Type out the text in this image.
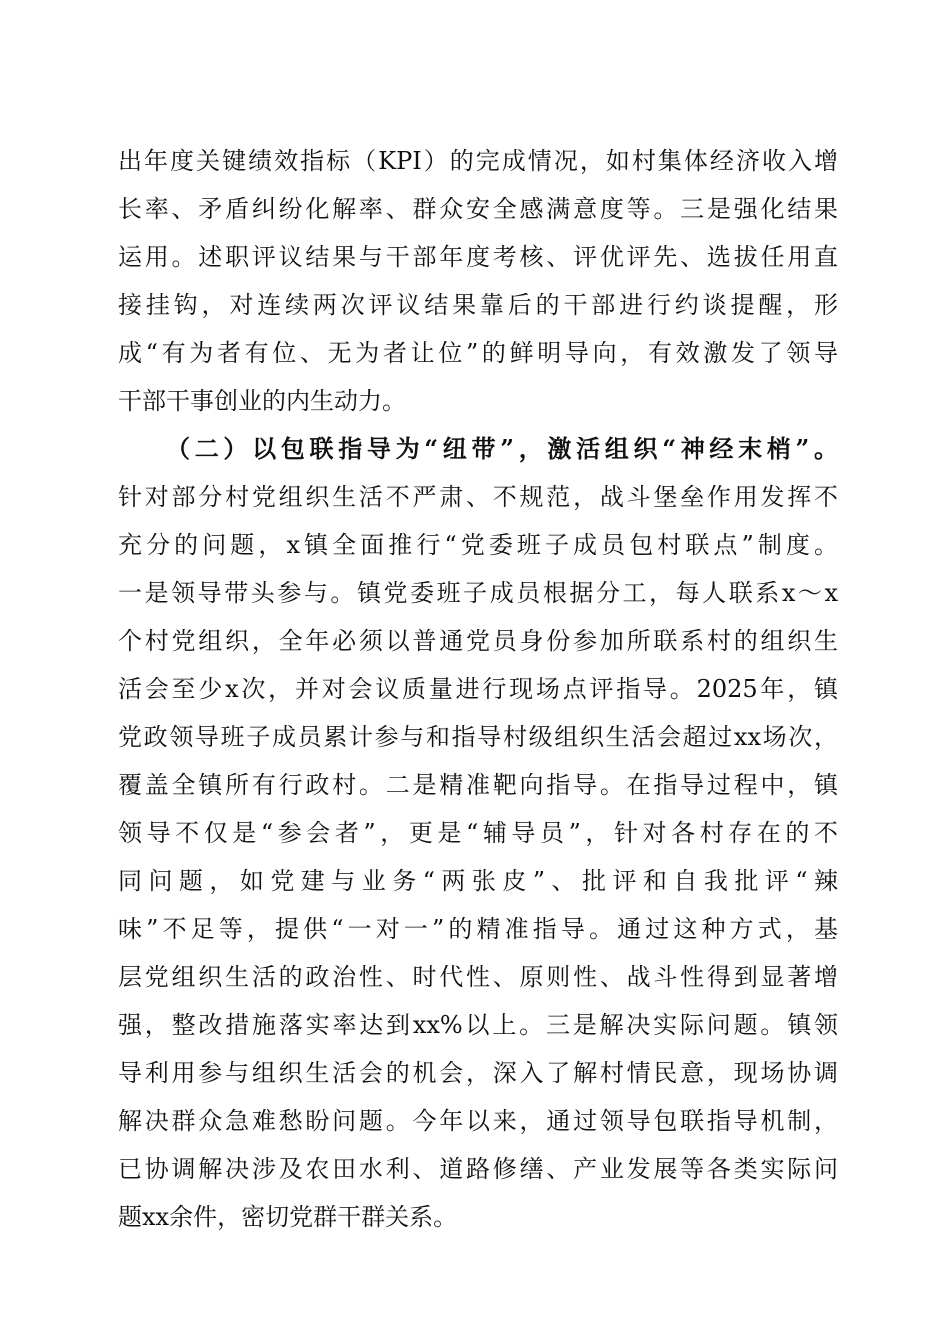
出年度关键绩效指标（KPI）的完成情况，如村集体经济收入增
长率、矛盾纠纷化解率、群众安全感满意度等。三是强化结果
运用。述职评议结果与干部年度考核、评优评先、选拔任用直
接挂钩，对连续两次评议结果靠后的干部进行约谈提醒，形
成“有为者有位、无为者让位”的鲜明导向，有效激发了领导
干部干事创业的内生动力。
（二）以包联指导为“纽带”，激活组织“神经末梢”。
针对部分村党组织生活不严肃、不规范，战斗堡垒作用发挥不
充分的问题，x镇全面推行“党委班子成员包村联点”制度。
一是领导带头参与。镇党委班子成员根据分工，每人联系x～x
个村党组织，全年必须以普通党员身份参加所联系村的组织生
活会至少x次，并对会议质量进行现场点评指导。2025年，镇
党政领导班子成员累计参与和指导村级组织生活会超过xx场次，
覆盖全镇所有行政村。二是精准靶向指导。在指导过程中，镇
领导不仅是“参会者”，更是“辅导员”，针对各村存在的不
同问题，如党建与业务“两张皮”、批评和自我批评“辣
味”不足等，提供“一对一”的精准指导。通过这种方式，基
层党组织生活的政治性、时代性、原则性、战斗性得到显著增
强，整改措施落实率达到xx%以上。三是解决实际问题。镇领
导利用参与组织生活会的机会，深入了解村情民意，现场协调
解决群众急难愁盼问题。今年以来，通过领导包联指导机制，
已协调解决涉及农田水利、道路修缮、产业发展等各类实际问
题xx余件，密切党群干群关系。
